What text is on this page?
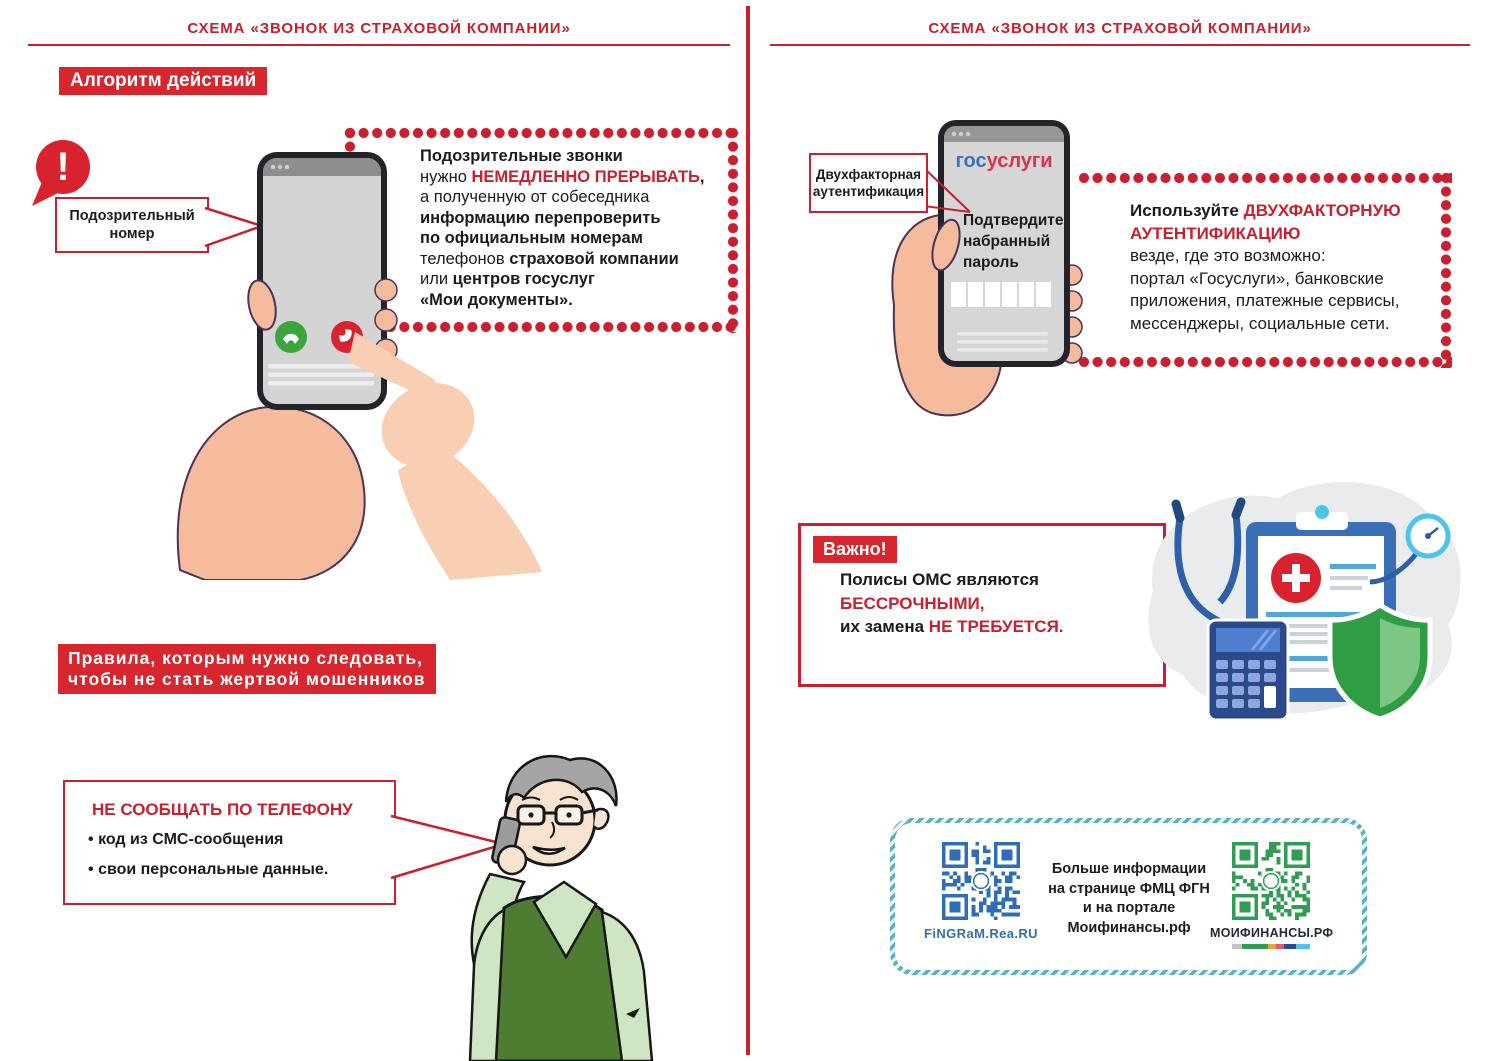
СХЕМА «ЗВОНОК ИЗ СТРАХОВОЙ КОМПАНИИ»	СХЕМА «ЗВОНОК ИЗ СТРАХОВОЙ КОМПАНИИ»
Алгоритм действий
Подозрительные звонки
нужно НЕМЕДЛЕННО ПРЕРЫВАТЬ,
а полученную от собеседника
информацию перепроверить
по официальным номерам
телефонов страховой компании
или центров госуслуг
«Мои документы».
!
Подозрительный
номер
Правила, которым нужно следовать,
чтобы не стать жертвой мошенников
НЕ СООБЩАТЬ ПО ТЕЛЕФОНУ
• код из СМС-сообщения
• свои персональные данные.
Используйте ДВУХФАКТОРНУЮ
АУТЕНТИФИКАЦИЮ
везде, где это возможно:
портал «Госуслуги», банковские
приложения, платежные сервисы,
мессенджеры, социальные сети.
госуслуги
Подтвердите
набранный
пароль
Двухфакторная
аутентификация
Важно!
Полисы ОМС являются
БЕССРОЧНЫМИ,
их замена НЕ ТРЕБУЕТСЯ.
FiNGRaM.Rea.RU
Больше информации
на странице ФМЦ ФГН
и на портале
Моифинансы.рф	МОИФИНАНСЫ.РФ
